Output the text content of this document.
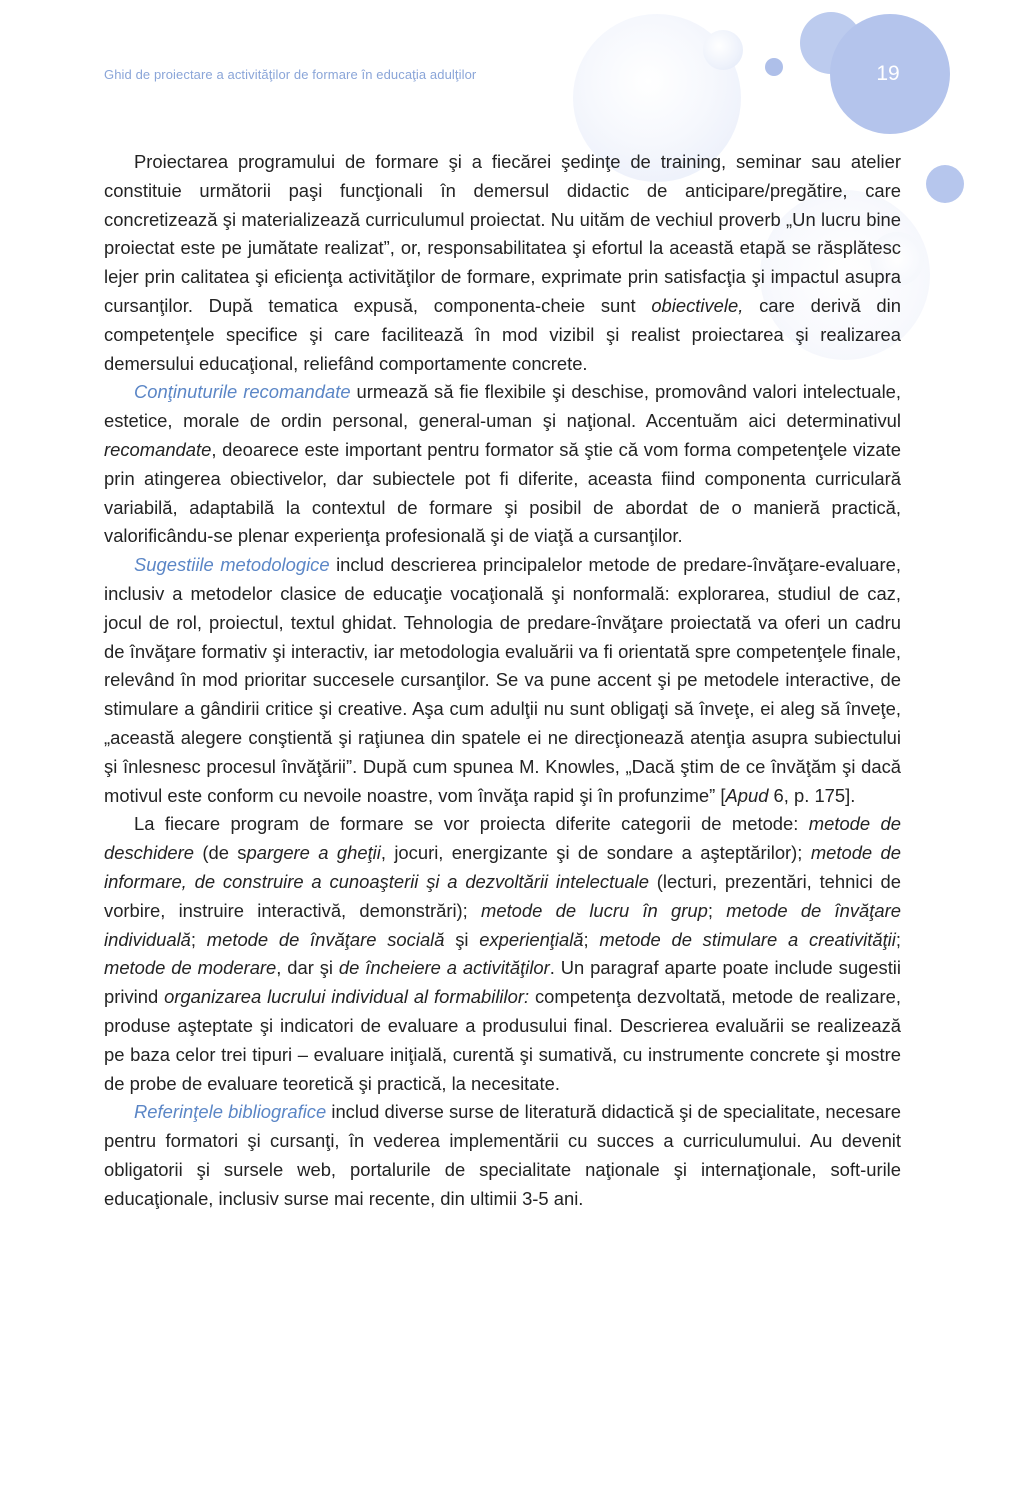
Ghid de proiectare a activităţilor de formare în educaţia adulţilor	19

Proiectarea programului de formare şi a fiecărei şedinţe de training, seminar sau atelier constituie următorii paşi funcţionali în demersul didactic de anticipare/pregătire, care concretizează şi materializează curriculumul proiectat. Nu uităm de vechiul proverb „Un lucru bine proiectat este pe jumătate realizat”, or, responsabilitatea şi efortul la această etapă se răsplătesc lejer prin calitatea şi eficienţa activităţilor de formare, exprimate prin satisfacţia şi impactul asupra cursanţilor. După tematica expusă, componenta-cheie sunt obiectivele, care derivă din competenţele specifice şi care facilitează în mod vizibil şi realist proiectarea şi realizarea demersului educaţional, reliefând comportamente concrete.

Conţinuturile recomandate urmează să fie flexibile şi deschise, promovând valori intelectuale, estetice, morale de ordin personal, general-uman şi naţional. Accentuăm aici determinativul recomandate, deoarece este important pentru formator să ştie că vom forma competenţele vizate prin atingerea obiectivelor, dar subiectele pot fi diferite, aceasta fiind componenta curriculară variabilă, adaptabilă la contextul de formare şi posibil de abordat de o manieră practică, valorificându-se plenar experienţa profesională şi de viaţă a cursanţilor.

Sugestiile metodologice includ descrierea principalelor metode de predare-învăţare-evaluare, inclusiv a metodelor clasice de educaţie vocaţională şi nonformală: explorarea, studiul de caz, jocul de rol, proiectul, textul ghidat. Tehnologia de predare-învăţare proiectată va oferi un cadru de învăţare formativ şi interactiv, iar metodologia evaluării va fi orientată spre competenţele finale, relevând în mod prioritar succesele cursanţilor. Se va pune accent şi pe metodele interactive, de stimulare a gândirii critice şi creative. Aşa cum adulţii nu sunt obligaţi să înveţe, ei aleg să înveţe, „această alegere conştientă şi raţiunea din spatele ei ne direcţionează atenţia asupra subiectului şi înlesnesc procesul învăţării”. După cum spunea M. Knowles, „Dacă ştim de ce învăţăm şi dacă motivul este conform cu nevoile noastre, vom învăţa rapid şi în profunzime” [Apud 6, p. 175].

La fiecare program de formare se vor proiecta diferite categorii de metode: metode de deschidere (de spargere a gheţii, jocuri, energizante şi de sondare a aşteptărilor); metode de informare, de construire a cunoaşterii şi a dezvoltării intelectuale (lecturi, prezentări, tehnici de vorbire, instruire interactivă, demonstrări); metode de lucru în grup; metode de învăţare individuală; metode de învăţare socială şi experienţială; metode de stimulare a creativităţii; metode de moderare, dar şi de încheiere a activităţilor. Un paragraf aparte poate include sugestii privind organizarea lucrului individual al formabililor: competenţa dezvoltată, metode de realizare, produse aşteptate şi indicatori de evaluare a produsului final. Descrierea evaluării se realizează pe baza celor trei tipuri – evaluare iniţială, curentă şi sumativă, cu instrumente concrete şi mostre de probe de evaluare teoretică şi practică, la necesitate.

Referinţele bibliografice includ diverse surse de literatură didactică şi de specialitate, necesare pentru formatori şi cursanţi, în vederea implementării cu succes a curriculumului. Au devenit obligatorii şi sursele web, portalurile de specialitate naţionale şi internaţionale, soft-urile educaţionale, inclusiv surse mai recente, din ultimii 3-5 ani.
